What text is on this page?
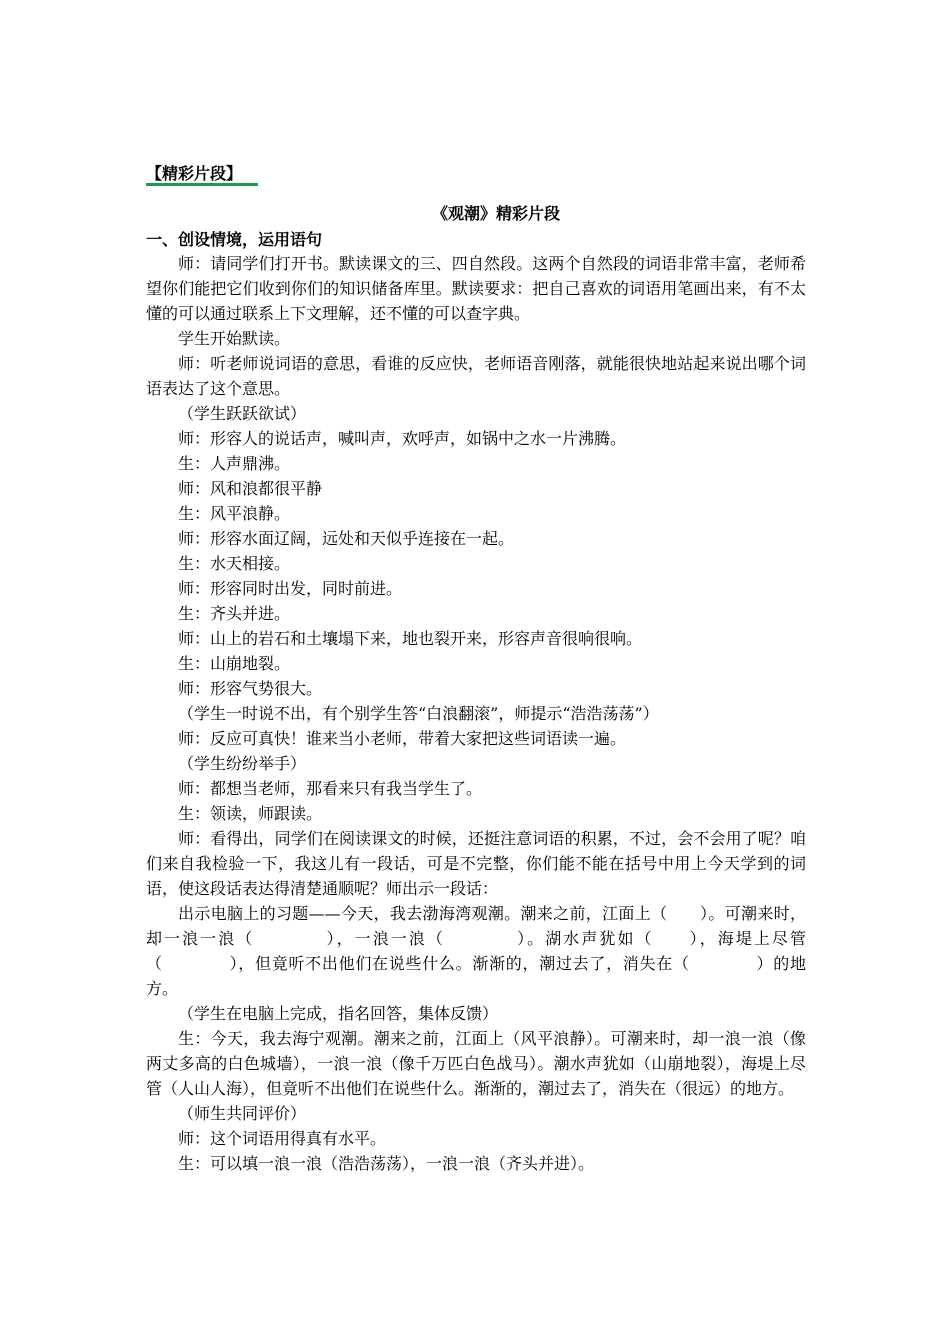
【精彩片段】
《观潮》精彩片段
一、创设情境，运用语句

师：请同学们打开书。默读课文的三、四自然段。这两个自然段的词语非常丰富，老师希望你们能把它们收到你们的知识储备库里。默读要求：把自己喜欢的词语用笔画出来，有不太懂的可以通过联系上下文理解，还不懂的可以查字典。

学生开始默读。

师：听老师说词语的意思，看谁的反应快，老师语音刚落，就能很快地站起来说出哪个词语表达了这个意思。

（学生跃跃欲试）

师：形容人的说话声，喊叫声，欢呼声，如锅中之水一片沸腾。

生：人声鼎沸。

师：风和浪都很平静

生：风平浪静。

师：形容水面辽阔，远处和天似乎连接在一起。

生：水天相接。

师：形容同时出发，同时前进。

生：齐头并进。

师：山上的岩石和土壤塌下来，地也裂开来，形容声音很响很响。

生：山崩地裂。

师：形容气势很大。

（学生一时说不出，有个别学生答“白浪翻滚”，师提示“浩浩荡荡”）

师：反应可真快！谁来当小老师，带着大家把这些词语读一遍。

（学生纷纷举手）

师：都想当老师，那看来只有我当学生了。

生：领读，师跟读。

师：看得出，同学们在阅读课文的时候，还挺注意词语的积累，不过，会不会用了呢？咱们来自我检验一下，我这儿有一段话，可是不完整，你们能不能在括号中用上今天学到的词语，使这段话表达得清楚通顺呢？师出示一段话：

出示电脑上的习题——今天，我去渤海湾观潮。潮来之前，江面上（　　）。可潮来时，却一浪一浪（　　　　），一浪一浪（　　　　）。湖水声犹如（　　），海堤上尽管（　　　　），但竟听不出他们在说些什么。渐渐的，潮过去了，消失在（　　　　）的地方。

（学生在电脑上完成，指名回答，集体反馈）

生：今天，我去海宁观潮。潮来之前，江面上（风平浪静）。可潮来时，却一浪一浪（像两丈多高的白色城墙），一浪一浪（像千万匹白色战马）。潮水声犹如（山崩地裂），海堤上尽管（人山人海），但竟听不出他们在说些什么。渐渐的，潮过去了，消失在（很远）的地方。

（师生共同评价）

师：这个词语用得真有水平。

生：可以填一浪一浪（浩浩荡荡），一浪一浪（齐头并进）。
